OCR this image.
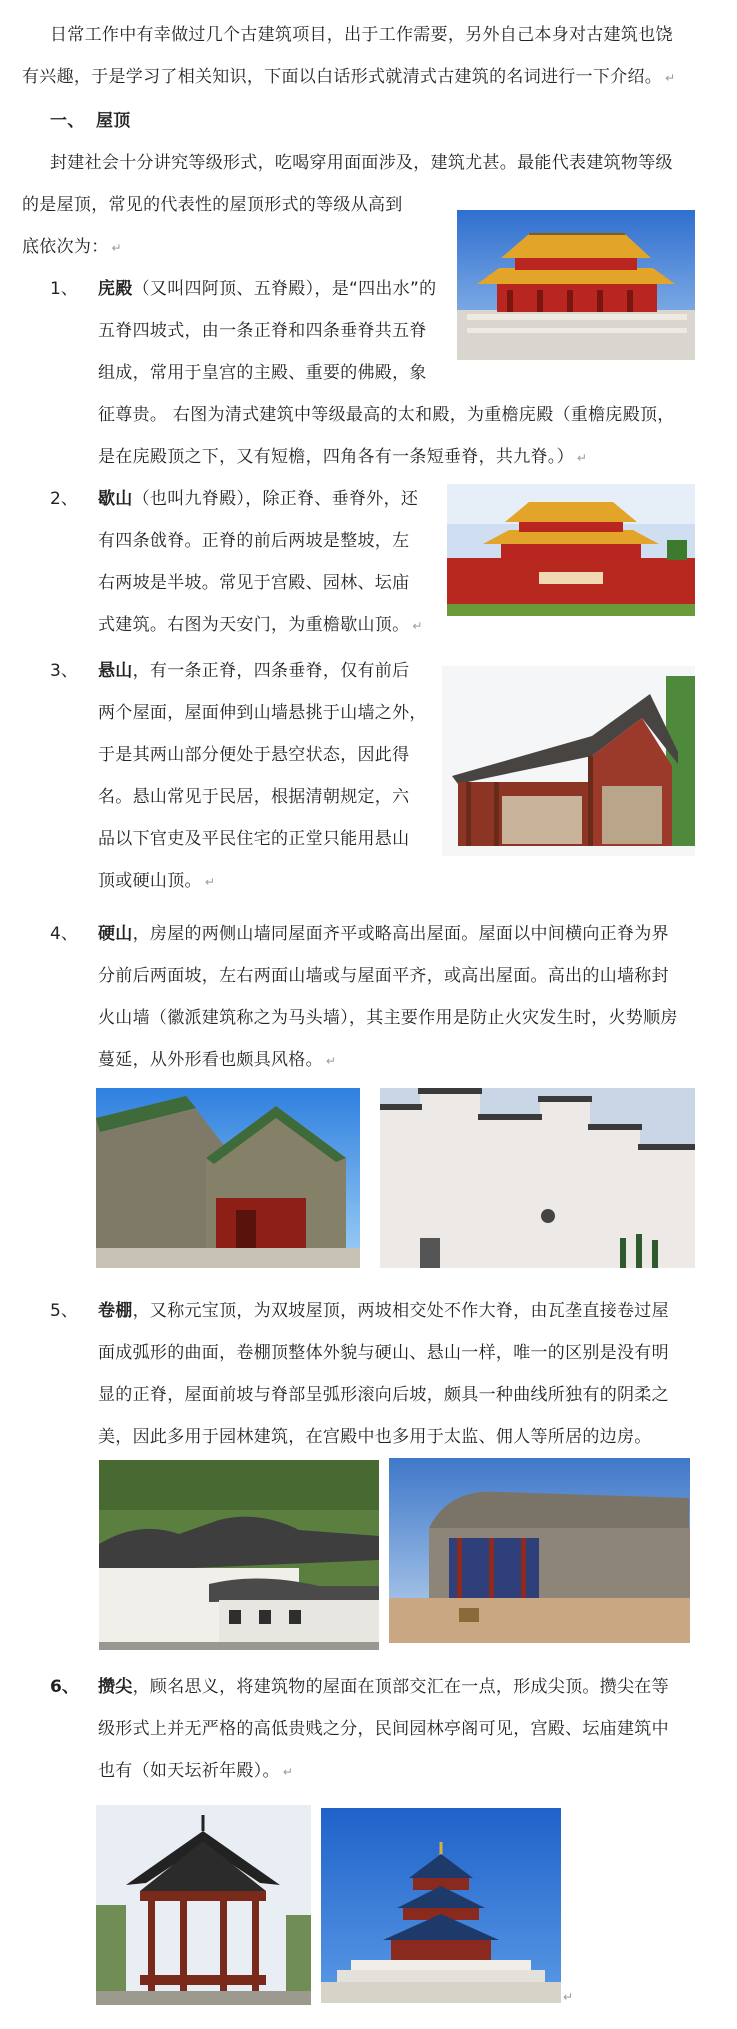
日常工作中有幸做过几个古建筑项目，出于工作需要，另外自己本身对古建筑也饶
有兴趣，于是学习了相关知识，下面以白话形式就清式古建筑的名词进行一下介绍。 ↵
一、 屋顶
封建社会十分讲究等级形式，吃喝穿用面面涉及，建筑尤甚。最能代表建筑物等级
的是屋顶，常见的代表性的屋顶形式的等级从高到
底依次为： ↵
1、 庑殿（又叫四阿顶、五脊殿），是“四出水”的
五脊四坡式，由一条正脊和四条垂脊共五脊
组成，常用于皇宫的主殿、重要的佛殿，象
征尊贵。 右图为清式建筑中等级最高的太和殿，为重檐庑殿（重檐庑殿顶，
是在庑殿顶之下，又有短檐，四角各有一条短垂脊，共九脊。） ↵
2、 歇山（也叫九脊殿），除正脊、垂脊外，还
有四条戗脊。正脊的前后两坡是整坡，左
右两坡是半坡。常见于宫殿、园林、坛庙
式建筑。右图为天安门，为重檐歇山顶。 ↵
3、 悬山，有一条正脊，四条垂脊，仅有前后
两个屋面，屋面伸到山墙悬挑于山墙之外，
于是其两山部分便处于悬空状态，因此得
名。悬山常见于民居，根据清朝规定，六
品以下官吏及平民住宅的正堂只能用悬山
顶或硬山顶。 ↵
4、 硬山，房屋的两侧山墙同屋面齐平或略高出屋面。屋面以中间横向正脊为界
分前后两面坡，左右两面山墙或与屋面平齐，或高出屋面。高出的山墙称封
火山墙（徽派建筑称之为马头墙），其主要作用是防止火灾发生时，火势顺房
蔓延，从外形看也颇具风格。 ↵
5、 卷棚，又称元宝顶，为双坡屋顶，两坡相交处不作大脊，由瓦垄直接卷过屋
面成弧形的曲面，卷棚顶整体外貌与硬山、悬山一样，唯一的区别是没有明
显的正脊，屋面前坡与脊部呈弧形滚向后坡，颇具一种曲线所独有的阴柔之
美，因此多用于园林建筑，在宫殿中也多用于太监、佣人等所居的边房。
6、 攒尖，顾名思义，将建筑物的屋面在顶部交汇在一点，形成尖顶。攒尖在等
级形式上并无严格的高低贵贱之分，民间园林亭阁可见，宫殿、坛庙建筑中
也有（如天坛祈年殿）。 ↵
↵
